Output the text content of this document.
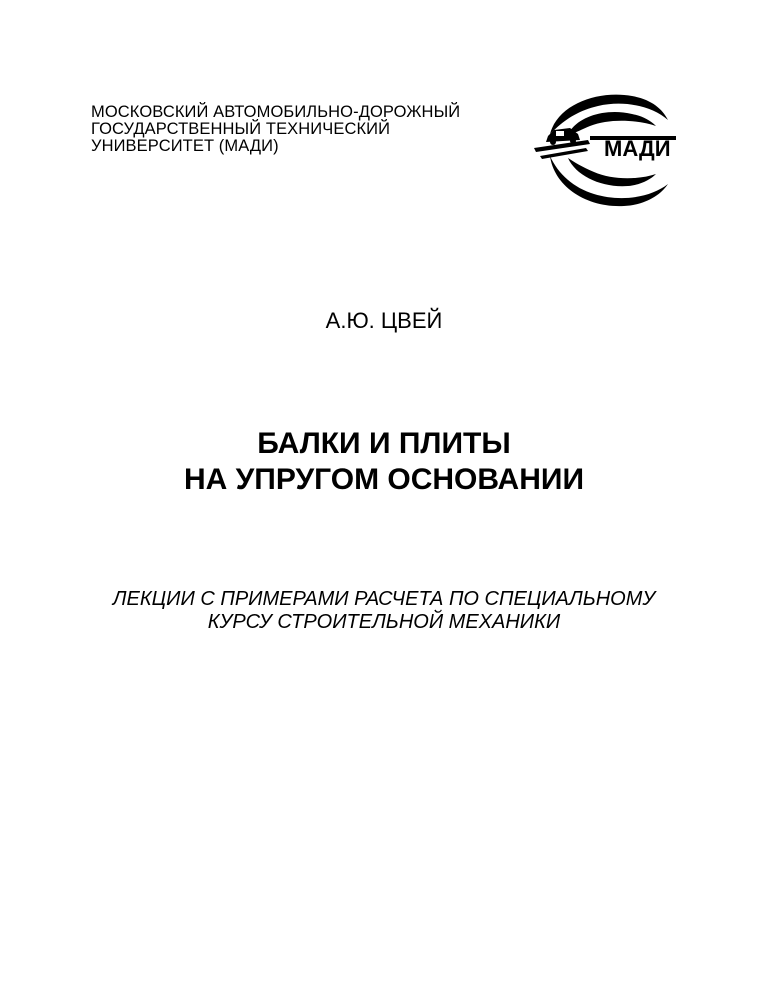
МОСКОВСКИЙ АВТОМОБИЛЬНО-ДОРОЖНЫЙ
ГОСУДАРСТВЕННЫЙ ТЕХНИЧЕСКИЙ
УНИВЕРСИТЕТ (МАДИ)	МАДИ
А.Ю. ЦВЕЙ
БАЛКИ И ПЛИТЫ
НА УПРУГОМ ОСНОВАНИИ
ЛЕКЦИИ С ПРИМЕРАМИ РАСЧЕТА ПО СПЕЦИАЛЬНОМУ
КУРСУ СТРОИТЕЛЬНОЙ МЕХАНИКИ
